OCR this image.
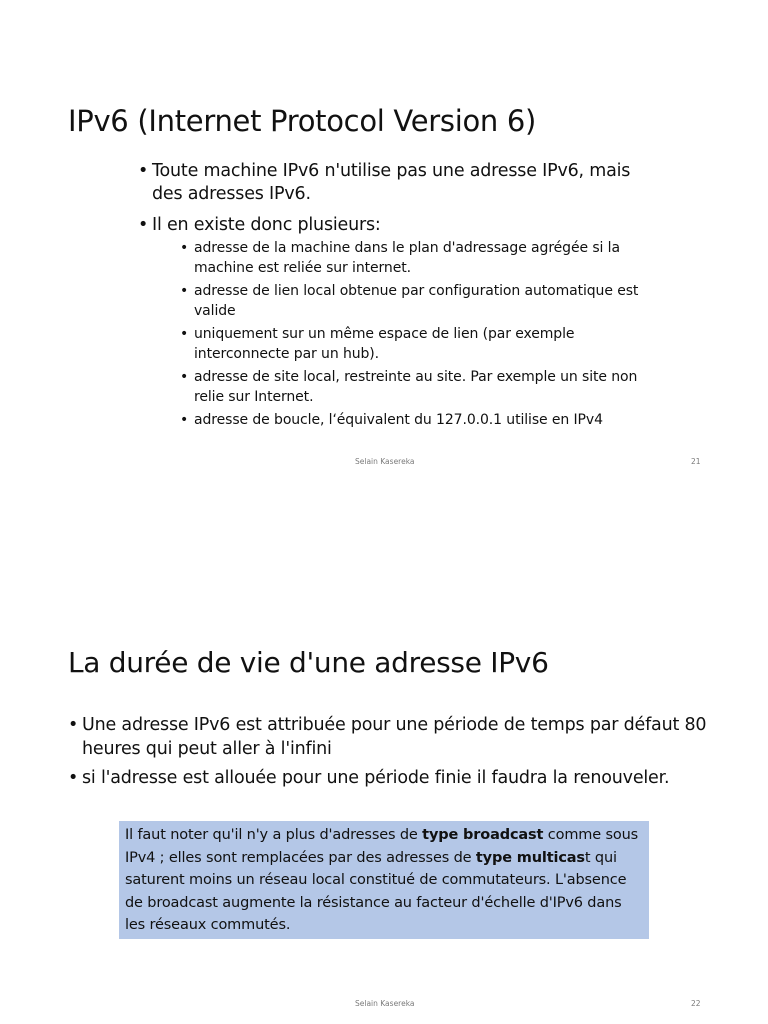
IPv6 (Internet Protocol Version 6)
• Toute machine IPv6 n'utilise pas une adresse IPv6, mais des adresses IPv6.
• Il en existe donc plusieurs:
• adresse de la machine dans le plan d'adressage agrégée si la machine est reliée sur internet.
• adresse de lien local obtenue par configuration automatique est valide
• uniquement sur un même espace de lien (par exemple interconnecte par un hub).
• adresse de site local, restreinte au site. Par exemple un site non relie sur Internet.
• adresse de boucle, l‘équivalent du 127.0.0.1 utilise en IPv4
Selain Kasereka	21
La durée de vie d'une adresse IPv6
• Une adresse IPv6 est attribuée pour une période de temps par défaut 80 heures qui peut aller à l'infini
• si l'adresse est allouée pour une période finie il faudra la renouveler.
Il faut noter qu'il n'y a plus d'adresses de type broadcast comme sous IPv4 ; elles sont remplacées par des adresses de type multicast qui saturent moins un réseau local constitué de commutateurs. L'absence de broadcast augmente la résistance au facteur d'échelle d'IPv6 dans les réseaux commutés.
Selain Kasereka	22
